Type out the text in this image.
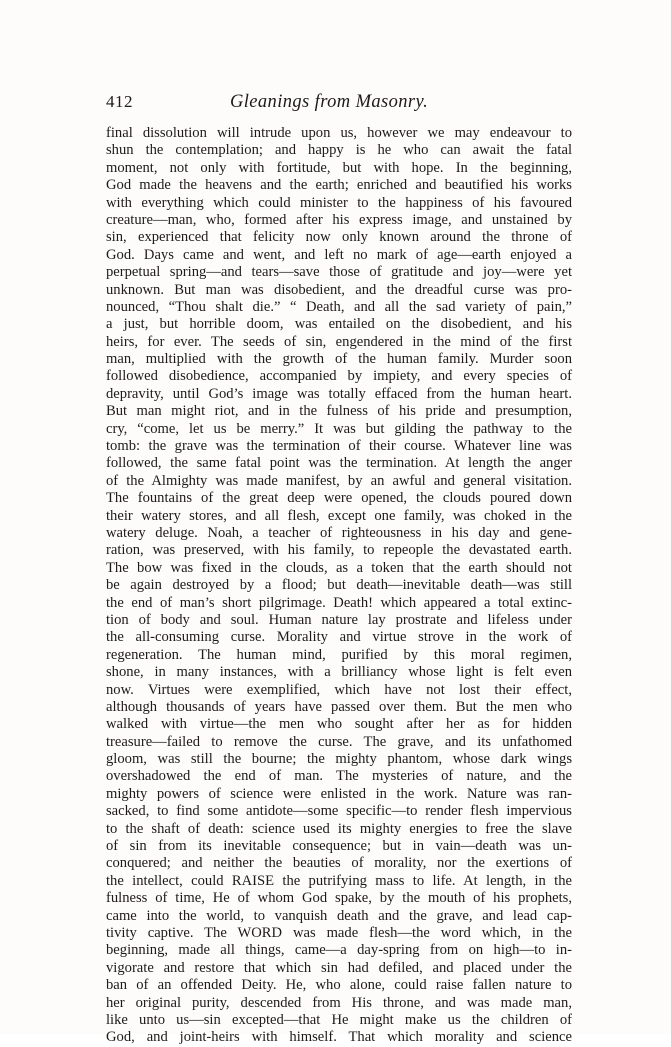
412	Gleanings from Masonry.
final dissolution will intrude upon us, however we may endeavour to
shun the contemplation; and happy is he who can await the fatal
moment, not only with fortitude, but with hope. In the beginning,
God made the heavens and the earth; enriched and beautified his works
with everything which could minister to the happiness of his favoured
creature—man, who, formed after his express image, and unstained by
sin, experienced that felicity now only known around the throne of
God. Days came and went, and left no mark of age—earth enjoyed a
perpetual spring—and tears—save those of gratitude and joy—were yet
unknown. But man was disobedient, and the dreadful curse was pro-
nounced, “Thou shalt die.” “ Death, and all the sad variety of pain,”
a just, but horrible doom, was entailed on the disobedient, and his
heirs, for ever. The seeds of sin, engendered in the mind of the first
man, multiplied with the growth of the human family. Murder soon
followed disobedience, accompanied by impiety, and every species of
depravity, until God’s image was totally effaced from the human heart.
But man might riot, and in the fulness of his pride and presumption,
cry, “come, let us be merry.” It was but gilding the pathway to the
tomb: the grave was the termination of their course. Whatever line was
followed, the same fatal point was the termination. At length the anger
of the Almighty was made manifest, by an awful and general visitation.
The fountains of the great deep were opened, the clouds poured down
their watery stores, and all flesh, except one family, was choked in the
watery deluge. Noah, a teacher of righteousness in his day and gene-
ration, was preserved, with his family, to repeople the devastated earth.
The bow was fixed in the clouds, as a token that the earth should not
be again destroyed by a flood; but death—inevitable death—was still
the end of man’s short pilgrimage. Death! which appeared a total extinc-
tion of body and soul. Human nature lay prostrate and lifeless under
the all-consuming curse. Morality and virtue strove in the work of
regeneration. The human mind, purified by this moral regimen,
shone, in many instances, with a brilliancy whose light is felt even
now. Virtues were exemplified, which have not lost their effect,
although thousands of years have passed over them. But the men who
walked with virtue—the men who sought after her as for hidden
treasure—failed to remove the curse. The grave, and its unfathomed
gloom, was still the bourne; the mighty phantom, whose dark wings
overshadowed the end of man. The mysteries of nature, and the
mighty powers of science were enlisted in the work. Nature was ran-
sacked, to find some antidote—some specific—to render flesh impervious
to the shaft of death: science used its mighty energies to free the slave
of sin from its inevitable consequence; but in vain—death was un-
conquered; and neither the beauties of morality, nor the exertions of
the intellect, could RAISE the putrifying mass to life. At length, in the
fulness of time, He of whom God spake, by the mouth of his prophets,
came into the world, to vanquish death and the grave, and lead cap-
tivity captive. The WORD was made flesh—the word which, in the
beginning, made all things, came—a day-spring from on high—to in-
vigorate and restore that which sin had defiled, and placed under the
ban of an offended Deity. He, who alone, could raise fallen nature to
her original purity, descended from His throne, and was made man,
like unto us—sin excepted—that He might make us the children of
God, and joint-heirs with himself. That which morality and science
